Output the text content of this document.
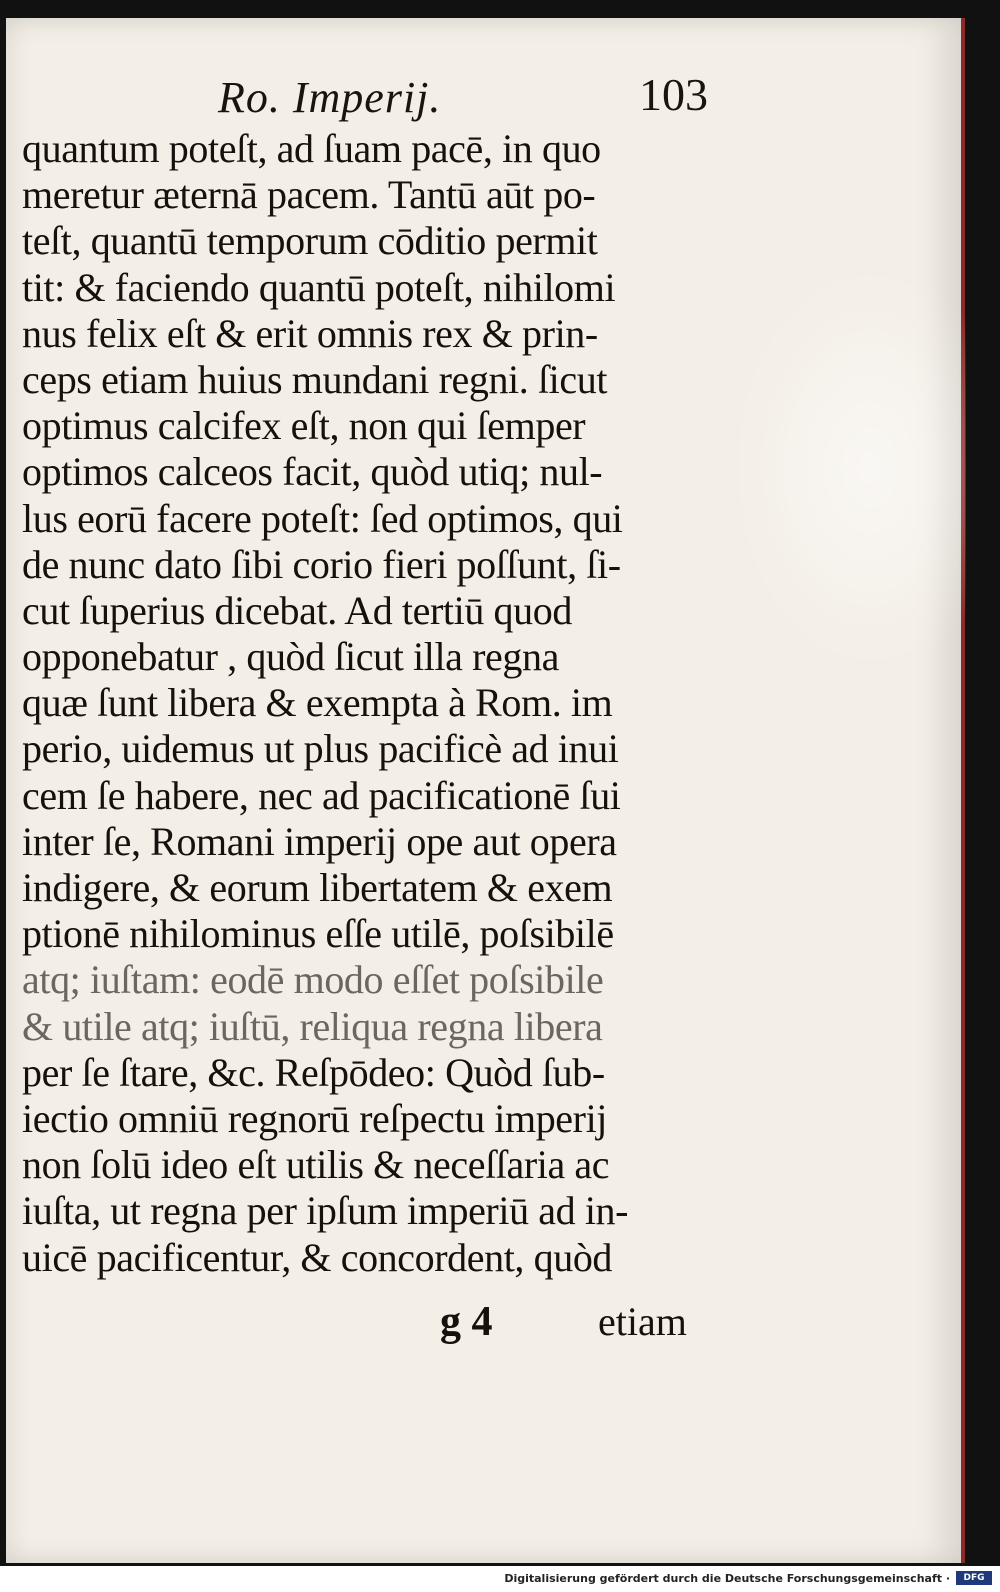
Ro. Imperij.	103
quantum poteſt, ad ſuam pacē, in quo
meretur æternā pacem. Tantū aūt po-
teſt, quantū temporum cōditio permit
tit: & faciendo quantū poteſt, nihilomi
nus felix eſt & erit omnis rex & prin-
ceps etiam huius mundani regni. ſicut
optimus calcifex eſt, non qui ſemper
optimos calceos facit, quòd utiq; nul-
lus eorū facere poteſt: ſed optimos, qui
de nunc dato ſibi corio fieri poſſunt, ſi-
cut ſuperius dicebat. Ad tertiū quod
opponebatur , quòd ſicut illa regna
quæ ſunt libera & exempta à Rom. im
perio, uidemus ut plus pacificè ad inui
cem ſe habere, nec ad pacificationē ſui
inter ſe, Romani imperij ope aut opera
indigere, & eorum libertatem & exem
ptionē nihilominus eſſe utilē, poſsibilē
atq; iuſtam: eodē modo eſſet poſsibile
& utile atq; iuſtū, reliqua regna libera
per ſe ſtare, &c. Reſpōdeo: Quòd ſub-
iectio omniū regnorū reſpectu imperij
non ſolū ideo eſt utilis & neceſſaria ac
iuſta, ut regna per ipſum imperiū ad in-
uicē pacificentur, & concordent, quòd
g 4	etiam
Digitalisierung gefördert durch die Deutsche Forschungsgemeinschaft ·	DFG
